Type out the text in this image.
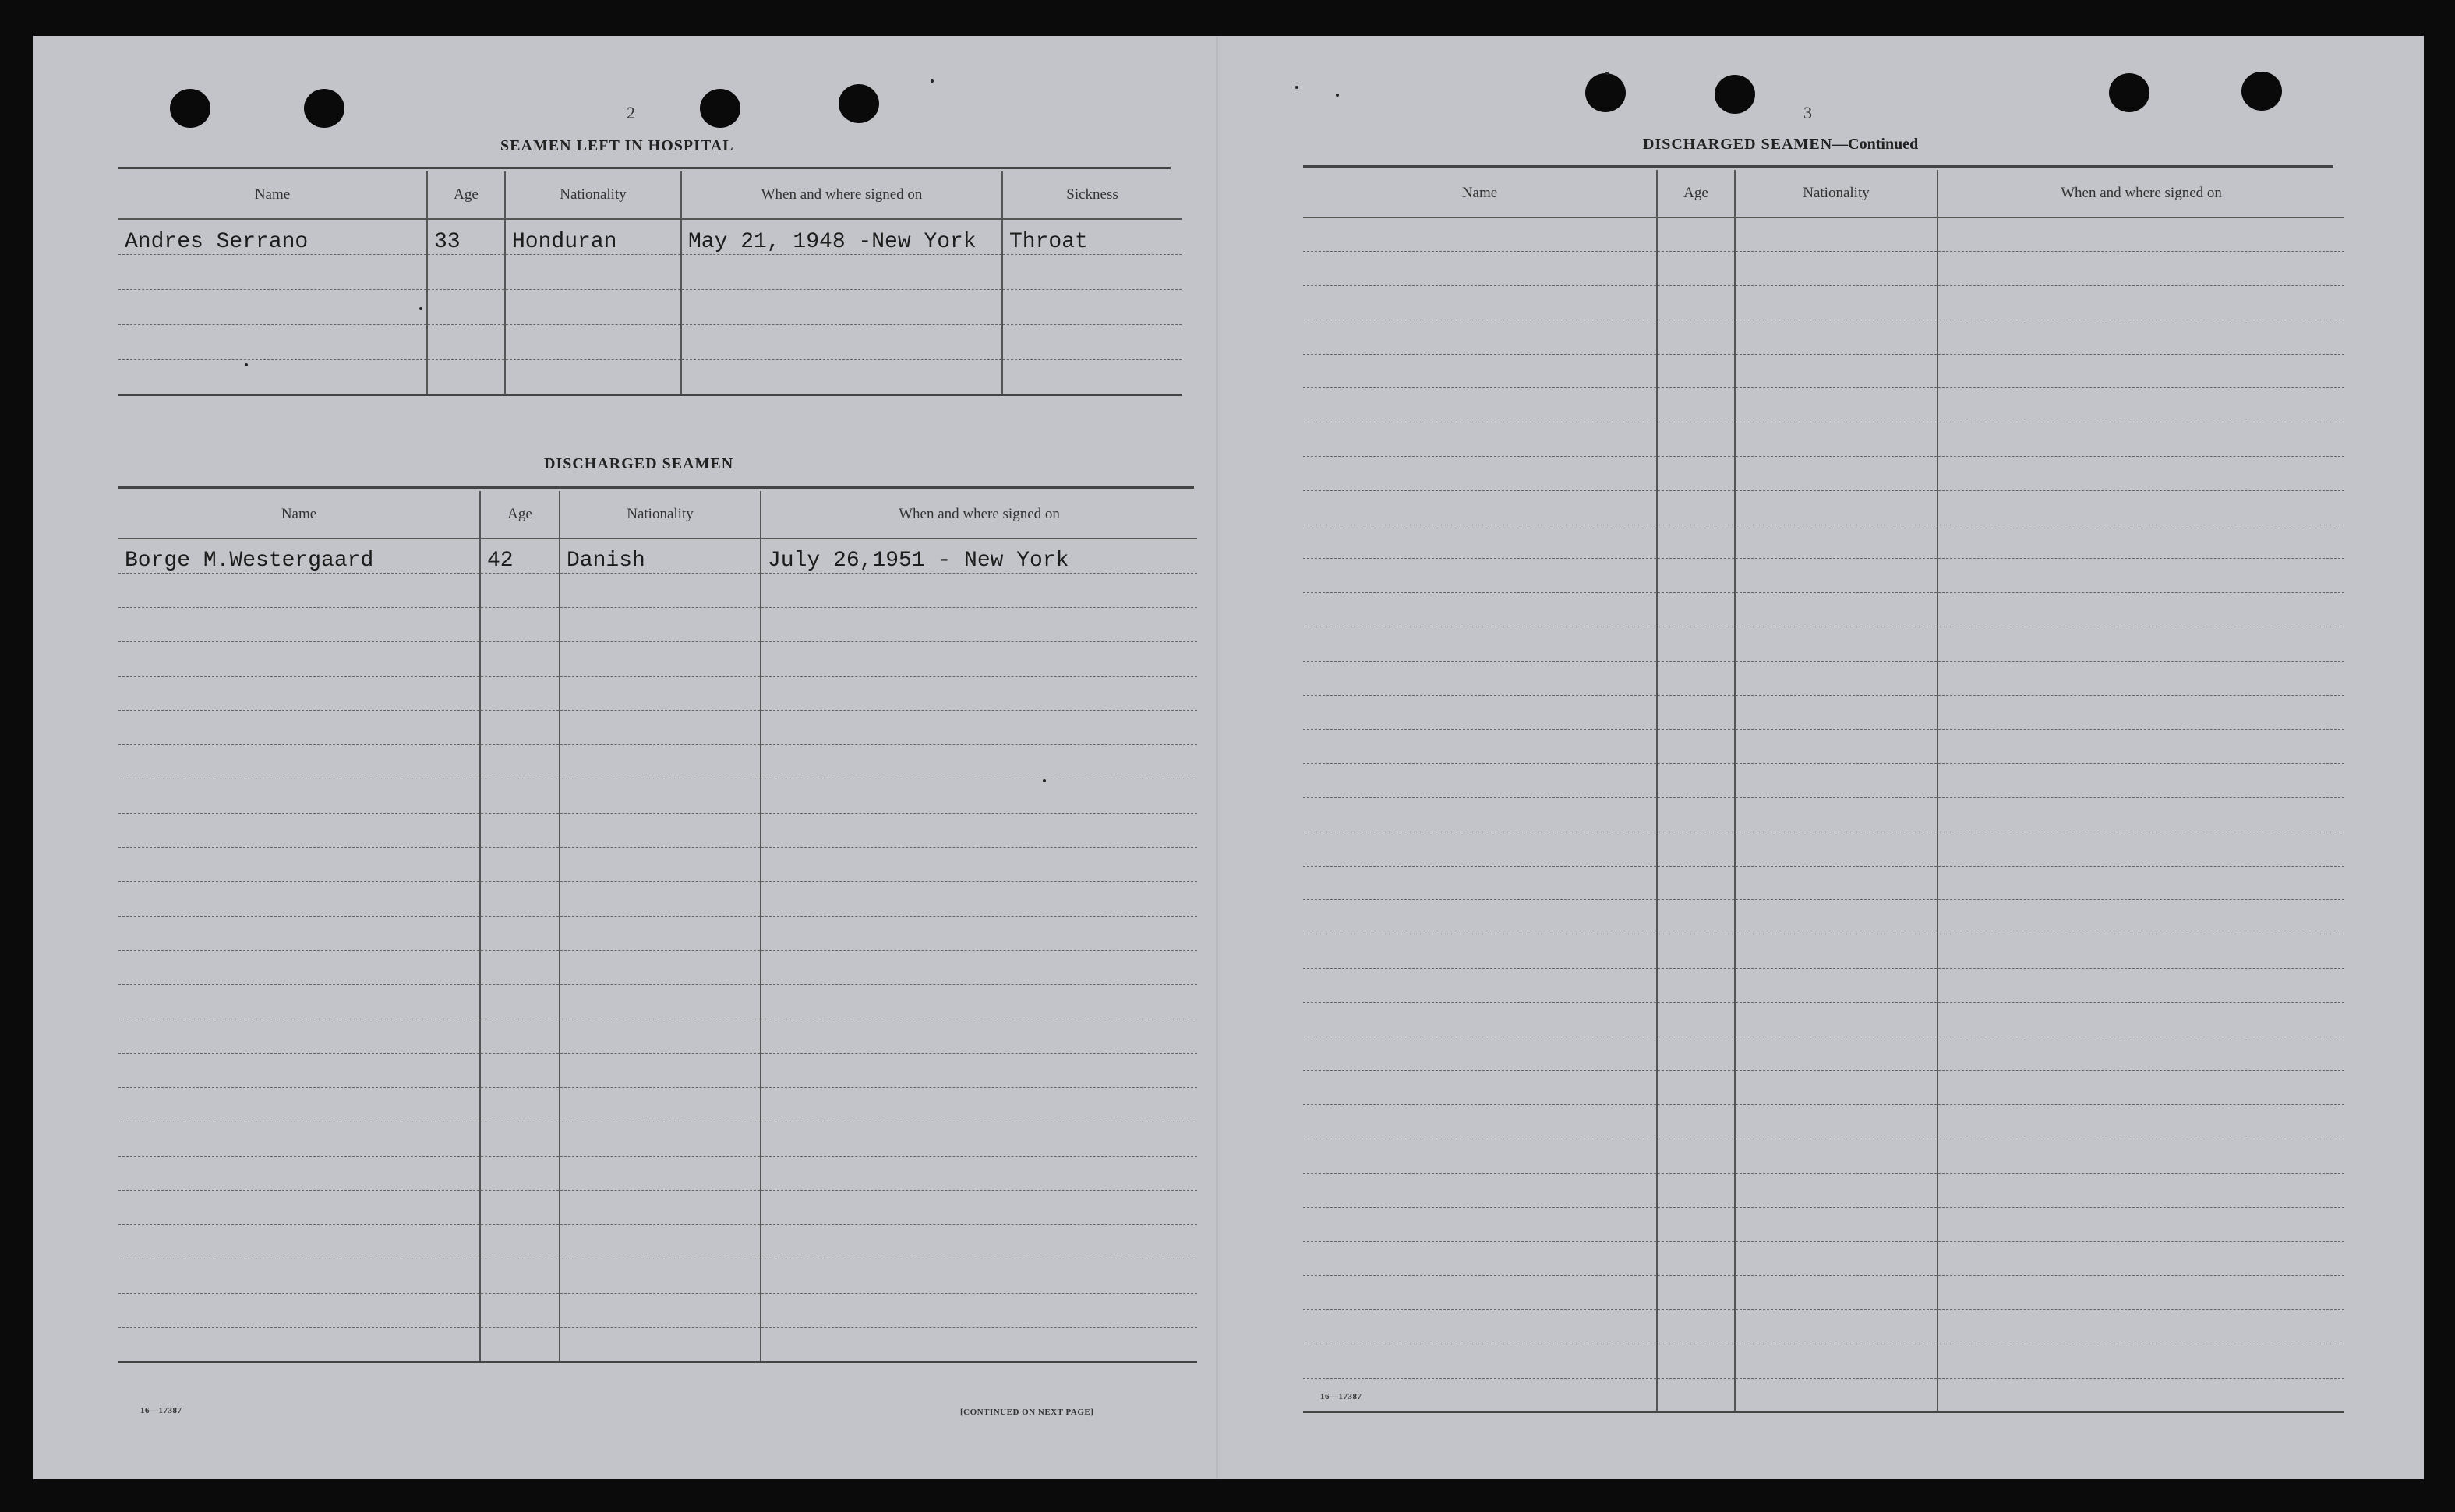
2
SEAMEN LEFT IN HOSPITAL
Name	Age	Nationality	When and where signed on	Sickness
Andres Serrano	33	Honduran	May 21, 1948 -New York	Throat

DISCHARGED SEAMEN
Name	Age	Nationality	When and where signed on
Borge M.Westergaard	42	Danish	July 26,1951 - New York

16—17387	[CONTINUED ON NEXT PAGE]
3
DISCHARGED SEAMEN—Continued
Name	Age	Nationality	When and where signed on

16—17387
